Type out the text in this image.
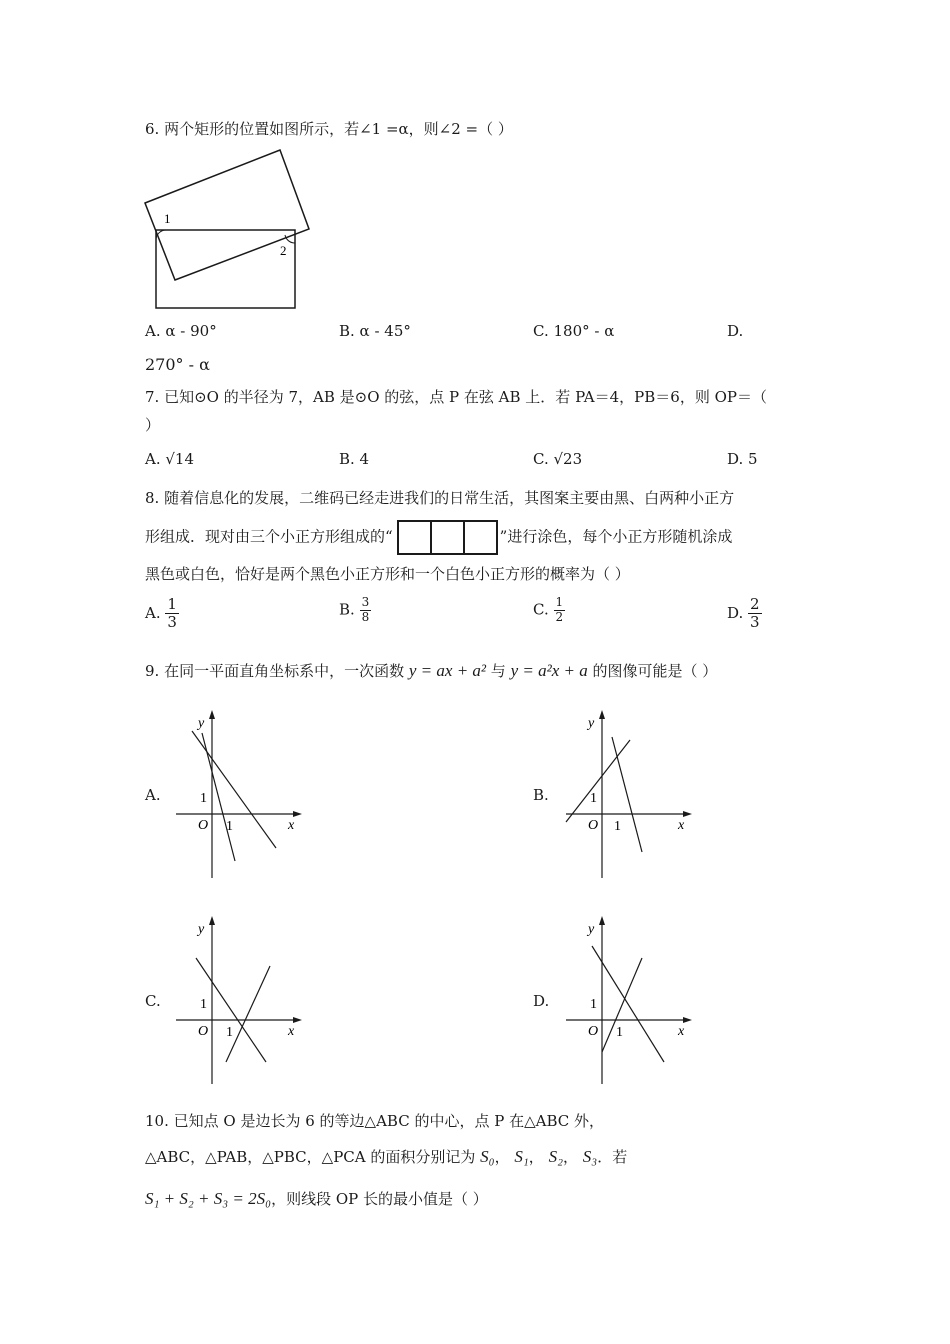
6. 两个矩形的位置如图所示，若∠1 =α，则∠2 =（ ）
1
2
A. α - 90°	B. α - 45°	C. 180° - α	D.
270° - α
7. 已知⊙O 的半径为 7，AB 是⊙O 的弦，点 P 在弦 AB 上．若 PA＝4，PB＝6，则 OP＝（
）
A. √14	B. 4	C. √23	D. 5
8. 随着信息化的发展，二维码已经走进我们的日常生活，其图案主要由黑、白两种小正方
形组成．现对由三个小正方形组成的“	”进行涂色，每个小正方形随机涂成
黑色或白色，恰好是两个黑色小正方形和一个白色小正方形的概率为（ ）
A. $\frac{1}{3}$	B. $\frac{3}{8}$	C. $\frac{1}{2}$	D. $\frac{2}{3}$
9. 在同一平面直角坐标系中，一次函数 y = ax + a² 与 y = a²x + a 的图像可能是（ ）
A.	B.
C.	D.
y
x
O 1
1
y
x
O 1
1
y
x
O 1
1
y
x
O 1
1
10. 已知点 O 是边长为 6 的等边△ABC 的中心，点 P 在△ABC 外，
△ABC，△PAB，△PBC，△PCA 的面积分别记为 S₀， S₁， S₂， S₃．若
S₁ + S₂ + S₃ = 2S₀，则线段 OP 长的最小值是（ ）
